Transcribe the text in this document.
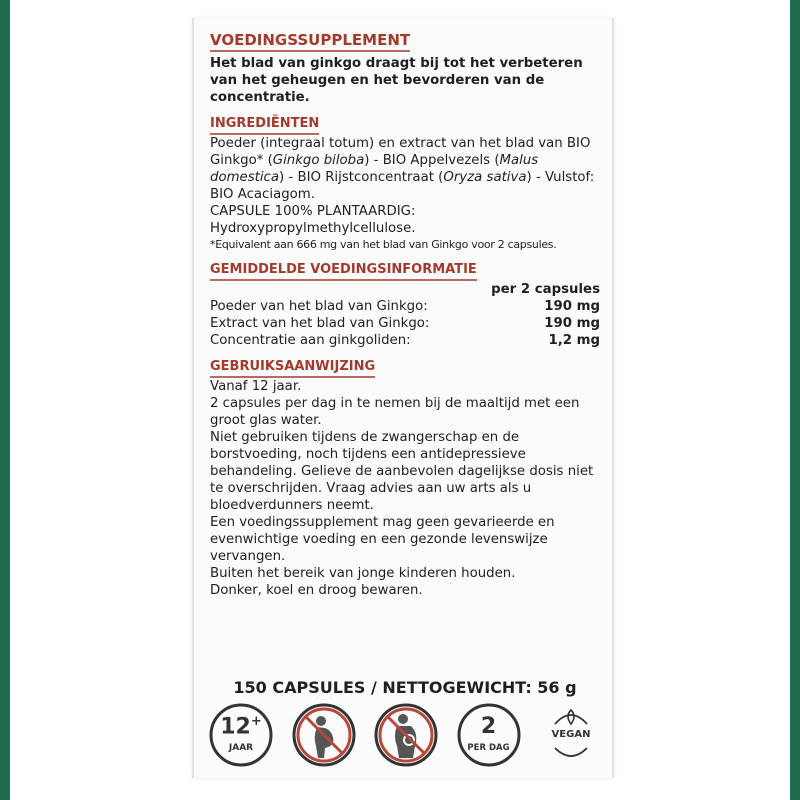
VOEDINGSSUPPLEMENT
Het blad van ginkgo draagt bij tot het verbeteren van het geheugen en het bevorderen van de concentratie.
INGREDIËNTEN

Poeder (integraal totum) en extract van het blad van BIO Ginkgo* (Ginkgo biloba) - BIO Appelvezels (Malus domestica) - BIO Rijstconcentraat (Oryza sativa) - Vulstof: BIO Acaciagom.

CAPSULE 100% PLANTAARDIG:

Hydroxypropylmethylcellulose.

*Equivalent aan 666 mg van het blad van Ginkgo voor 2 capsules.

GEMIDDELDE VOEDINGSINFORMATIE
per 2 capsules
Poeder van het blad van Ginkgo:	190 mg
Extract van het blad van Ginkgo:	190 mg
Concentratie aan ginkgoliden:	1,2 mg
GEBRUIKSAANWIJZING

Vanaf 12 jaar.

2 capsules per dag in te nemen bij de maaltijd met een groot glas water.

Niet gebruiken tijdens de zwangerschap en de borstvoeding, noch tijdens een antidepressieve behandeling. Gelieve de aanbevolen dagelijkse dosis niet te overschrijden. Vraag advies aan uw arts als u bloedverdunners neemt.

Een voedingssupplement mag geen gevarieerde en evenwichtige voeding en een gezonde levenswijze vervangen.

Buiten het bereik van jonge kinderen houden.

Donker, koel en droog bewaren.

150 CAPSULES / NETTOGEWICHT: 56 g
12+
JAAR
2
PER DAG
VEGAN
